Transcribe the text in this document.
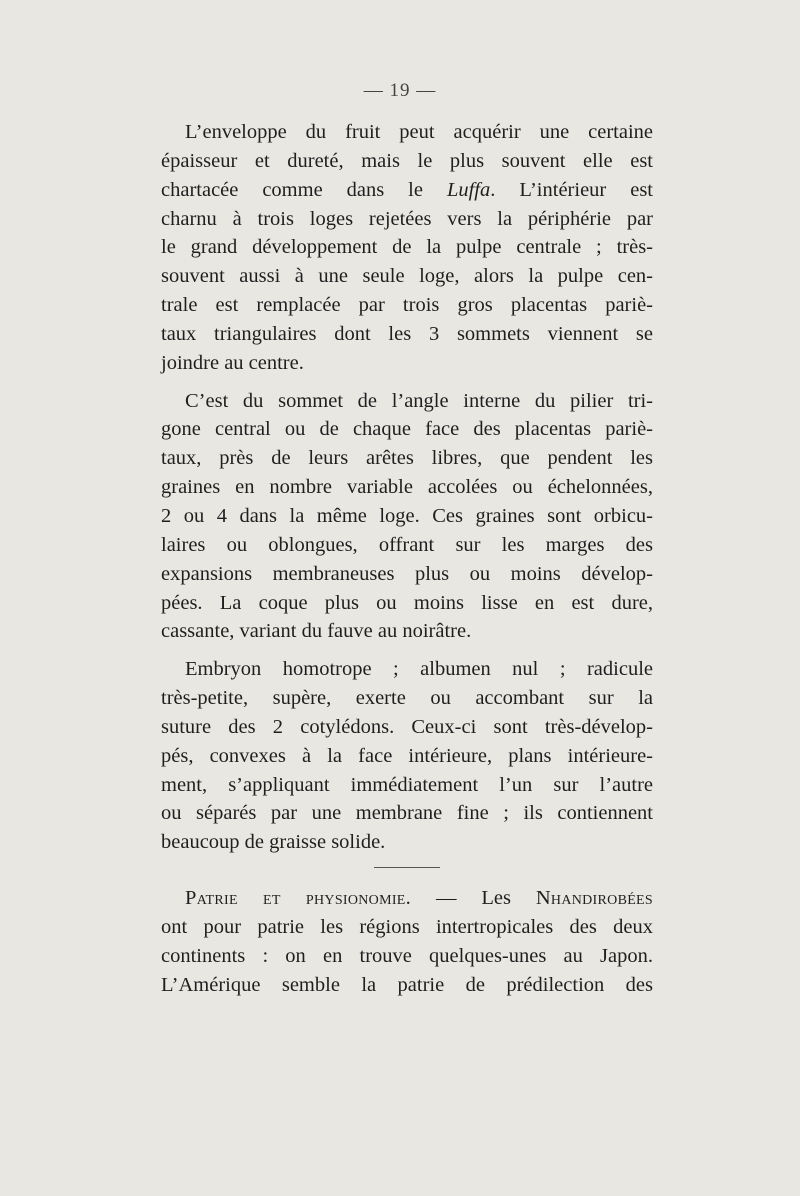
— 19 —
L’enveloppe du fruit peut acquérir une certaine
épaisseur et dureté, mais le plus souvent elle est
chartacée comme dans le Luffa. L’intérieur est
charnu à trois loges rejetées vers la périphérie par
le grand développement de la pulpe centrale ; très-
souvent aussi à une seule loge, alors la pulpe cen-
trale est remplacée par trois gros placentas pariè-
taux triangulaires dont les 3 sommets viennent se
joindre au centre.
C’est du sommet de l’angle interne du pilier tri-
gone central ou de chaque face des placentas pariè-
taux, près de leurs arêtes libres, que pendent les
graines en nombre variable accolées ou échelonnées,
2 ou 4 dans la même loge. Ces graines sont orbicu-
laires ou oblongues, offrant sur les marges des
expansions membraneuses plus ou moins dévelop-
pées. La coque plus ou moins lisse en est dure,
cassante, variant du fauve au noirâtre.
Embryon homotrope ; albumen nul ; radicule
très-petite, supère, exerte ou accombant sur la
suture des 2 cotylédons. Ceux-ci sont très-dévelop-
pés, convexes à la face intérieure, plans intérieure-
ment, s’appliquant immédiatement l’un sur l’autre
ou séparés par une membrane fine ; ils contiennent
beaucoup de graisse solide.
Patrie et physionomie. — Les Nhandirobées
ont pour patrie les régions intertropicales des deux
continents : on en trouve quelques-unes au Japon.
L’Amérique semble la patrie de prédilection des
